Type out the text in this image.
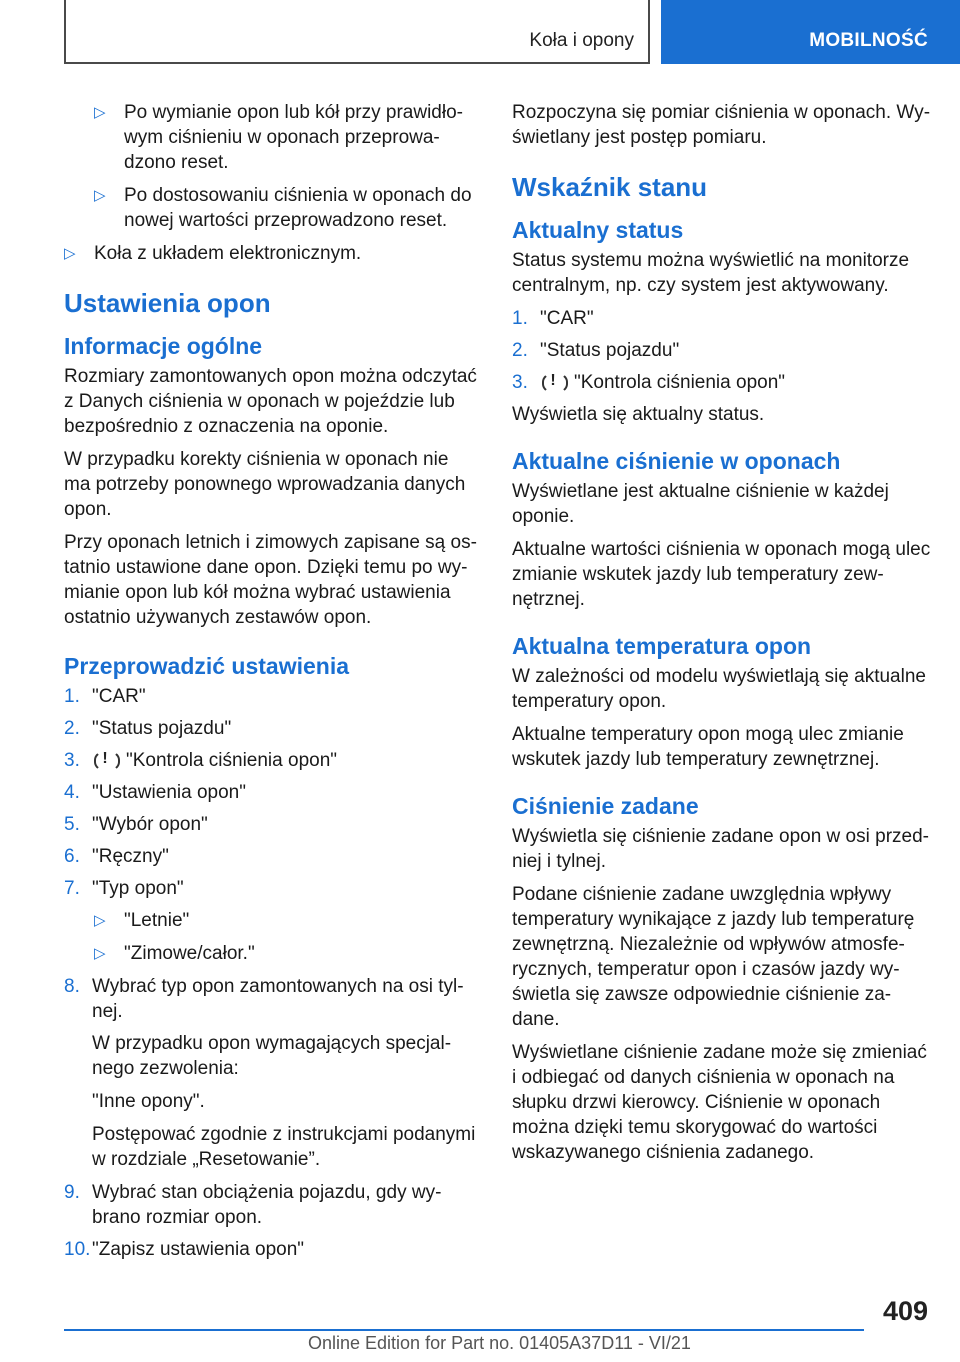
Koła i opony	MOBILNOŚĆ
▷ Po wymianie opon lub kół przy prawidło-wym ciśnieniu w oponach przeprowa-dzono reset.
▷ Po dostosowaniu ciśnienia w oponach do nowej wartości przeprowadzono reset.
▷ Koła z układem elektronicznym.
Ustawienia opon
Informacje ogólne

Rozmiary zamontowanych opon można odczytać z Danych ciśnienia w oponach w pojeździe lub bezpośrednio z oznaczenia na oponie.

W przypadku korekty ciśnienia w oponach nie ma potrzeby ponownego wprowadzania danych opon.

Przy oponach letnich i zimowych zapisane są os-tatnio ustawione dane opon. Dzięki temu po wy-mianie opon lub kół można wybrać ustawienia ostatnio używanych zestawów opon.

Przeprowadzić ustawienia
1. "CAR"
2. "Status pojazdu"
3. ! "Kontrola ciśnienia opon"
4. "Ustawienia opon"
5. "Wybór opon"
6. "Ręczny"
7. "Typ opon"
▷ "Letnie"
▷ "Zimowe/całor."
8. Wybrać typ opon zamontowanych na osi tyl-nej.

W przypadku opon wymagających specjal-nego zezwolenia:

"Inne opony".

Postępować zgodnie z instrukcjami podanymi w rozdziale „Resetowanie”.

9. Wybrać stan obciążenia pojazdu, gdy wy-brano rozmiar opon.
10. "Zapisz ustawienia opon"

Rozpoczyna się pomiar ciśnienia w oponach. Wy-świetlany jest postęp pomiaru.

Wskaźnik stanu
Aktualny status

Status systemu można wyświetlić na monitorze centralnym, np. czy system jest aktywowany.

1. "CAR"
2. "Status pojazdu"
3. ! "Kontrola ciśnienia opon"

Wyświetla się aktualny status.

Aktualne ciśnienie w oponach

Wyświetlane jest aktualne ciśnienie w każdej oponie.

Aktualne wartości ciśnienia w oponach mogą ulec zmianie wskutek jazdy lub temperatury zew-nętrznej.

Aktualna temperatura opon

W zależności od modelu wyświetlają się aktualne temperatury opon.

Aktualne temperatury opon mogą ulec zmianie wskutek jazdy lub temperatury zewnętrznej.

Ciśnienie zadane

Wyświetla się ciśnienie zadane opon w osi przed-niej i tylnej.

Podane ciśnienie zadane uwzględnia wpływy temperatury wynikające z jazdy lub temperaturę zewnętrzną. Niezależnie od wpływów atmosfe-rycznych, temperatur opon i czasów jazdy wy-świetla się zawsze odpowiednie ciśnienie za-dane.

Wyświetlane ciśnienie zadane może się zmieniać i odbiegać od danych ciśnienia w oponach na słupku drzwi kierowcy. Ciśnienie w oponach można dzięki temu skorygować do wartości wskazywanego ciśnienia zadanego.

409
Online Edition for Part no. 01405A37D11 - VI/21
